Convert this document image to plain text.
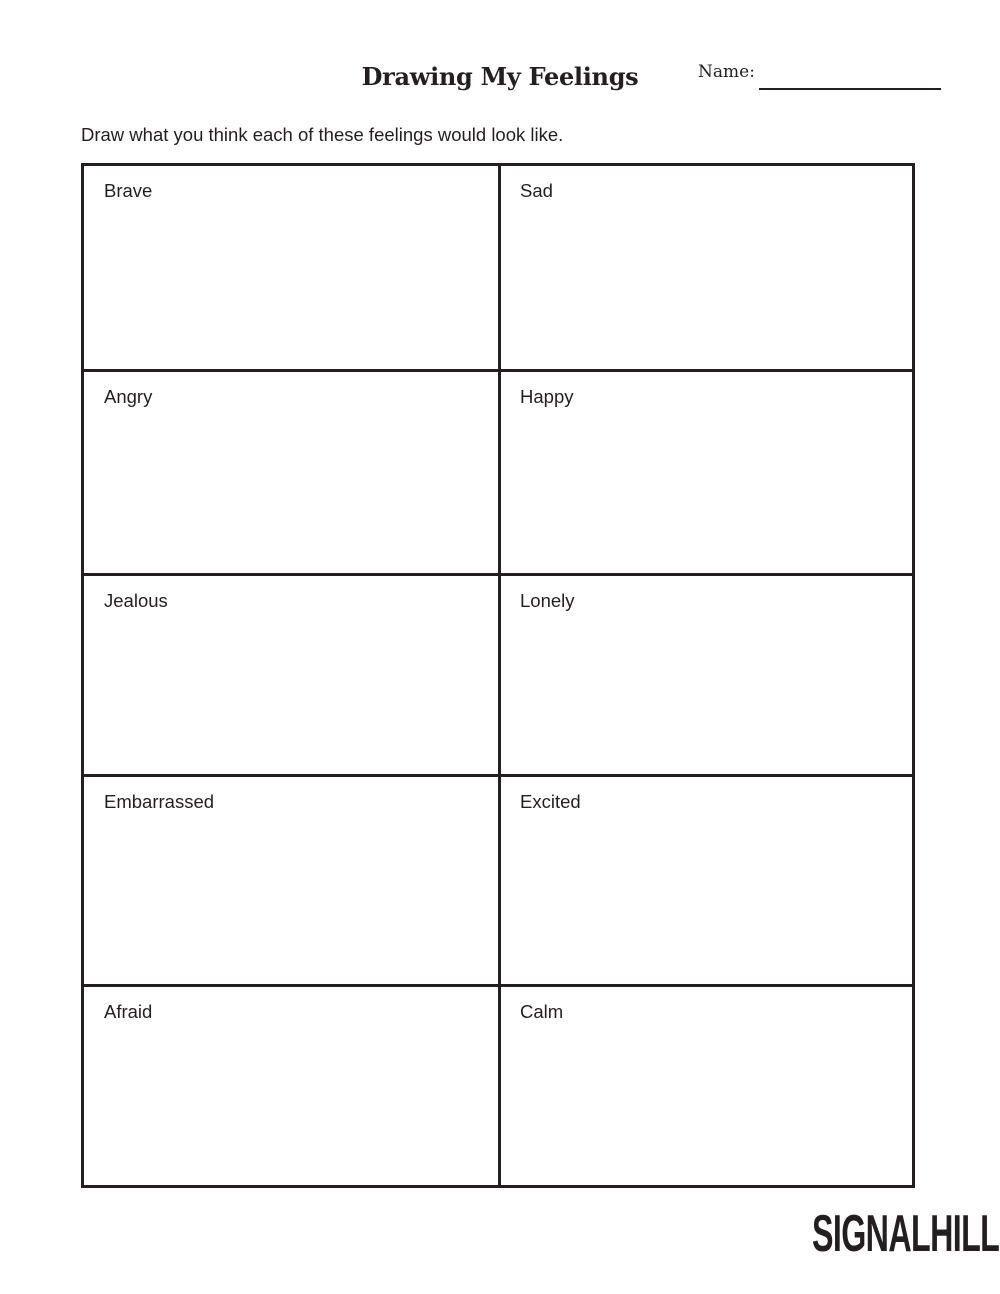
Drawing My Feelings	Name:
Draw what you think each of these feelings would look like.
Brave	Sad
Angry	Happy
Jealous	Lonely
Embarrassed	Excited
Afraid	Calm
SIGNALHILL
